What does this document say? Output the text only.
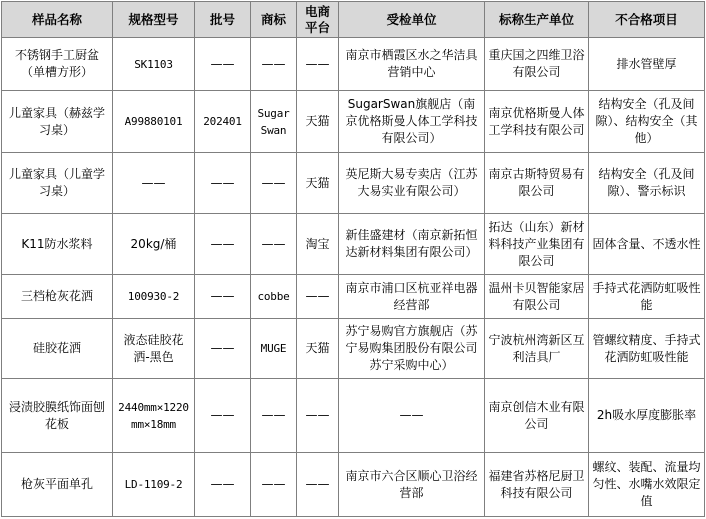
样品名称	规格型号	批号	商标	电商平台	受检单位	标称生产单位	不合格项目
不锈钢手工厨盆（单槽方形）	SK1103	——	——	——	南京市栖霞区水之华洁具营销中心	重庆国之四维卫浴有限公司	排水管壁厚
儿童家具（赫兹学习桌）	A99880101	202401	Sugar Swan	天猫	SugarSwan旗舰店（南京优格斯曼人体工学科技有限公司）	南京优格斯曼人体工学科技有限公司	结构安全（孔及间隙）、结构安全（其他）
儿童家具（儿童学习桌）	——	——	——	天猫	英尼斯大易专卖店（江苏大易实业有限公司）	南京古斯特贸易有限公司	结构安全（孔及间隙）、警示标识
K11防水浆料	20kg/桶	——	——	淘宝	新佳盛建材（南京新拓恒达新材料集团有限公司）	拓达（山东）新材料科技产业集团有限公司	固体含量、不透水性
三档枪灰花洒	100930-2	——	cobbe	——	南京市浦口区杭亚祥电器经营部	温州卡贝智能家居有限公司	手持式花洒防虹吸性能
硅胶花洒	液态硅胶花洒-黑色	——	MUGE	天猫	苏宁易购官方旗舰店（苏宁易购集团股份有限公司苏宁采购中心）	宁波杭州湾新区互利洁具厂	管螺纹精度、手持式花洒防虹吸性能
浸渍胶膜纸饰面刨花板	2440mm×1220mm×18mm	——	——	——	——	南京创信木业有限公司	2h吸水厚度膨胀率
枪灰平面单孔	LD-1109-2	——	——	——	南京市六合区顺心卫浴经营部	福建省苏格尼厨卫科技有限公司	螺纹、装配、流量均匀性、水嘴水效限定值
